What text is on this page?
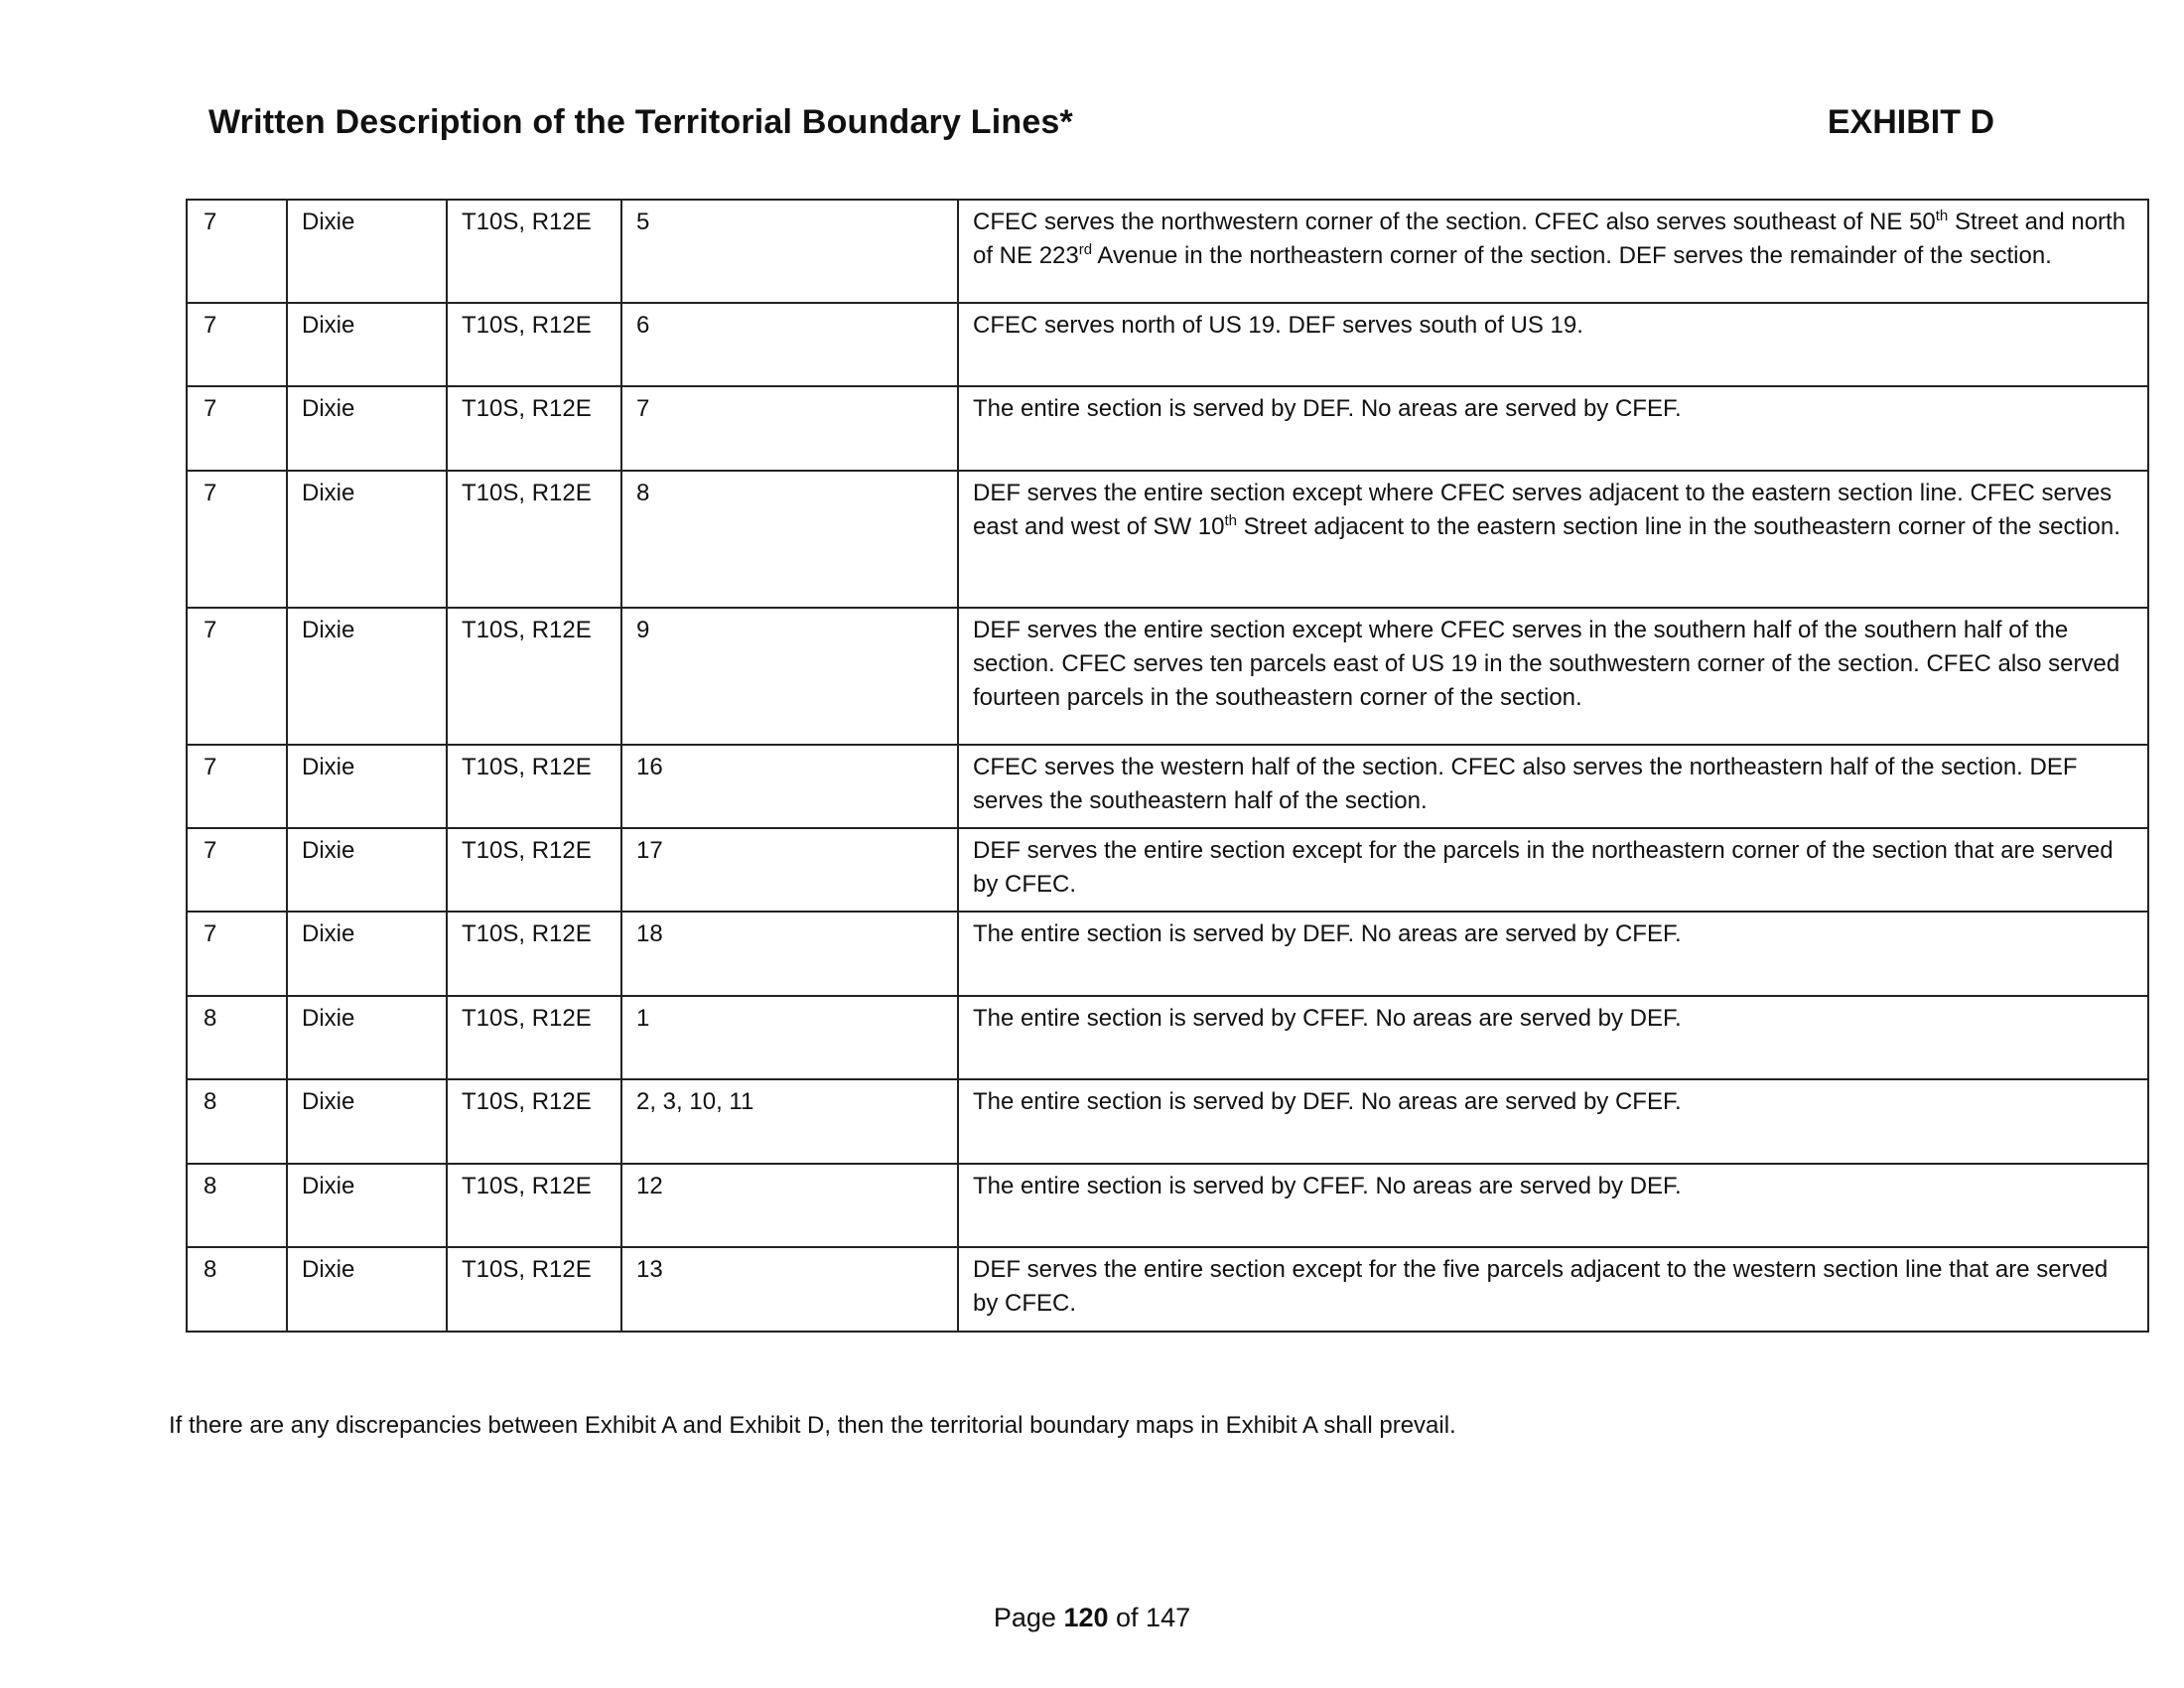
Written Description of the Territorial Boundary Lines*	EXHIBIT D
7	Dixie	T10S, R12E	5	CFEC serves the northwestern corner of the section. CFEC also serves southeast of NE 50th Street and north of NE 223rd Avenue in the northeastern corner of the section. DEF serves the remainder of the section.
7	Dixie	T10S, R12E	6	CFEC serves north of US 19. DEF serves south of US 19.
7	Dixie	T10S, R12E	7	The entire section is served by DEF. No areas are served by CFEF.
7	Dixie	T10S, R12E	8	DEF serves the entire section except where CFEC serves adjacent to the eastern section line. CFEC serves east and west of SW 10th Street adjacent to the eastern section line in the southeastern corner of the section.
7	Dixie	T10S, R12E	9	DEF serves the entire section except where CFEC serves in the southern half of the southern half of the section. CFEC serves ten parcels east of US 19 in the southwestern corner of the section. CFEC also served fourteen parcels in the southeastern corner of the section.
7	Dixie	T10S, R12E	16	CFEC serves the western half of the section. CFEC also serves the northeastern half of the section. DEF serves the southeastern half of the section.
7	Dixie	T10S, R12E	17	DEF serves the entire section except for the parcels in the northeastern corner of the section that are served by CFEC.
7	Dixie	T10S, R12E	18	The entire section is served by DEF. No areas are served by CFEF.
8	Dixie	T10S, R12E	1	The entire section is served by CFEF. No areas are served by DEF.
8	Dixie	T10S, R12E	2, 3, 10, 11	The entire section is served by DEF. No areas are served by CFEF.
8	Dixie	T10S, R12E	12	The entire section is served by CFEF. No areas are served by DEF.
8	Dixie	T10S, R12E	13	DEF serves the entire section except for the five parcels adjacent to the western section line that are served by CFEC.
If there are any discrepancies between Exhibit A and Exhibit D, then the territorial boundary maps in Exhibit A shall prevail.
Page 120 of 147
